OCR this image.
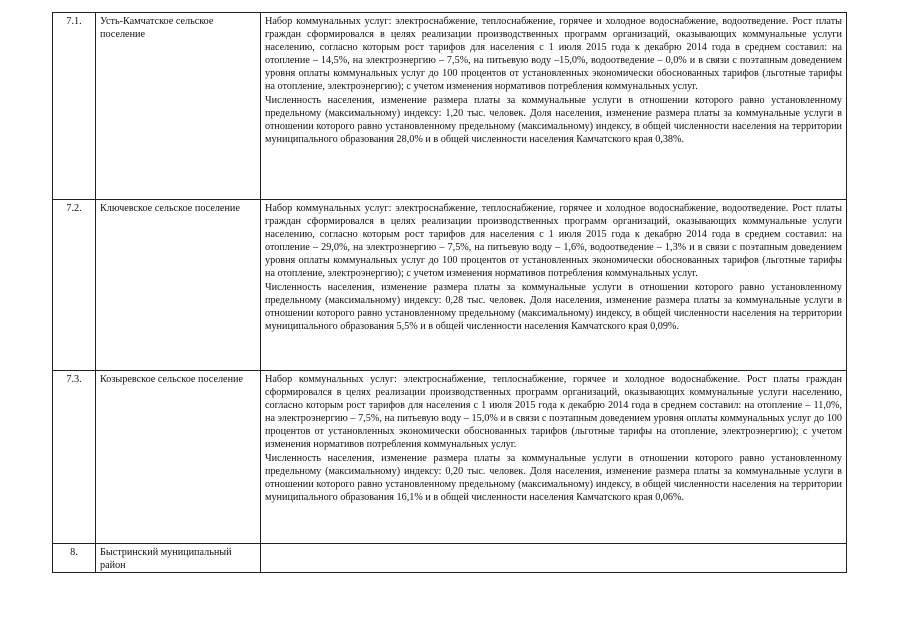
7.1.	Усть-Камчатское сельское поселение	Набор коммунальных услуг: электроснабжение, теплоснабжение, горячее и холодное водоснабжение, водоотведение. Рост платы граждан сформировался в целях реализации производственных программ организаций, оказывающих коммунальные услуги населению, согласно которым рост тарифов для населения с 1 июля 2015 года к декабрю 2014 года в среднем составил: на отопление – 14,5%, на электроэнергию – 7,5%, на питьевую воду –15,0%, водоотведение – 0,0% и в связи с поэтапным доведением уровня оплаты коммунальных услуг до 100 процентов от установленных экономически обоснованных тарифов (льготные тарифы на отопление, электроэнергию); с учетом изменения нормативов потребления коммунальных услуг.
Численность населения, изменение размера платы за коммунальные услуги в отношении которого равно установленному предельному (максимальному) индексу: 1,20 тыс. человек. Доля населения, изменение размера платы за коммунальные услуги в отношении которого равно установленному предельному (максимальному) индексу, в общей численности населения на территории муниципального образования 28,0% и в общей численности населения Камчатского края 0,38%.

7.2.	Ключевское сельское поселение	Набор коммунальных услуг: электроснабжение, теплоснабжение, горячее и холодное водоснабжение, водоотведение. Рост платы граждан сформировался в целях реализации производственных программ организаций, оказывающих коммунальные услуги населению, согласно которым рост тарифов для населения с 1 июля 2015 года к декабрю 2014 года в среднем составил: на отопление – 29,0%, на электроэнергию – 7,5%, на питьевую воду – 1,6%, водоотведение – 1,3% и в связи с поэтапным доведением уровня оплаты коммунальных услуг до 100 процентов от установленных экономически обоснованных тарифов (льготные тарифы на отопление, электроэнергию); с учетом изменения нормативов потребления коммунальных услуг.
Численность населения, изменение размера платы за коммунальные услуги в отношении которого равно установленному предельному (максимальному) индексу: 0,28 тыс. человек. Доля населения, изменение размера платы за коммунальные услуги в отношении которого равно установленному предельному (максимальному) индексу, в общей численности населения на территории муниципального образования 5,5% и в общей численности населения Камчатского края 0,09%.

7.3.	Козыревское сельское поселение	Набор коммунальных услуг: электроснабжение, теплоснабжение, горячее и холодное водоснабжение. Рост платы граждан сформировался в целях реализации производственных программ организаций, оказывающих коммунальные услуги населению, согласно которым рост тарифов для населения с 1 июля 2015 года к декабрю 2014 года в среднем составил: на отопление – 11,0%, на электроэнергию – 7,5%, на питьевую воду – 15,0% и в связи с поэтапным доведением уровня оплаты коммунальных услуг до 100 процентов от установленных экономически обоснованных тарифов (льготные тарифы на отопление, электроэнергию); с учетом изменения нормативов потребления коммунальных услуг.
Численность населения, изменение размера платы за коммунальные услуги в отношении которого равно установленному предельному (максимальному) индексу: 0,20 тыс. человек. Доля населения, изменение размера платы за коммунальные услуги в отношении которого равно установленному предельному (максимальному) индексу, в общей численности населения на территории муниципального образования 16,1% и в общей численности населения Камчатского края 0,06%.

8.	Быстринский муниципальный район	
